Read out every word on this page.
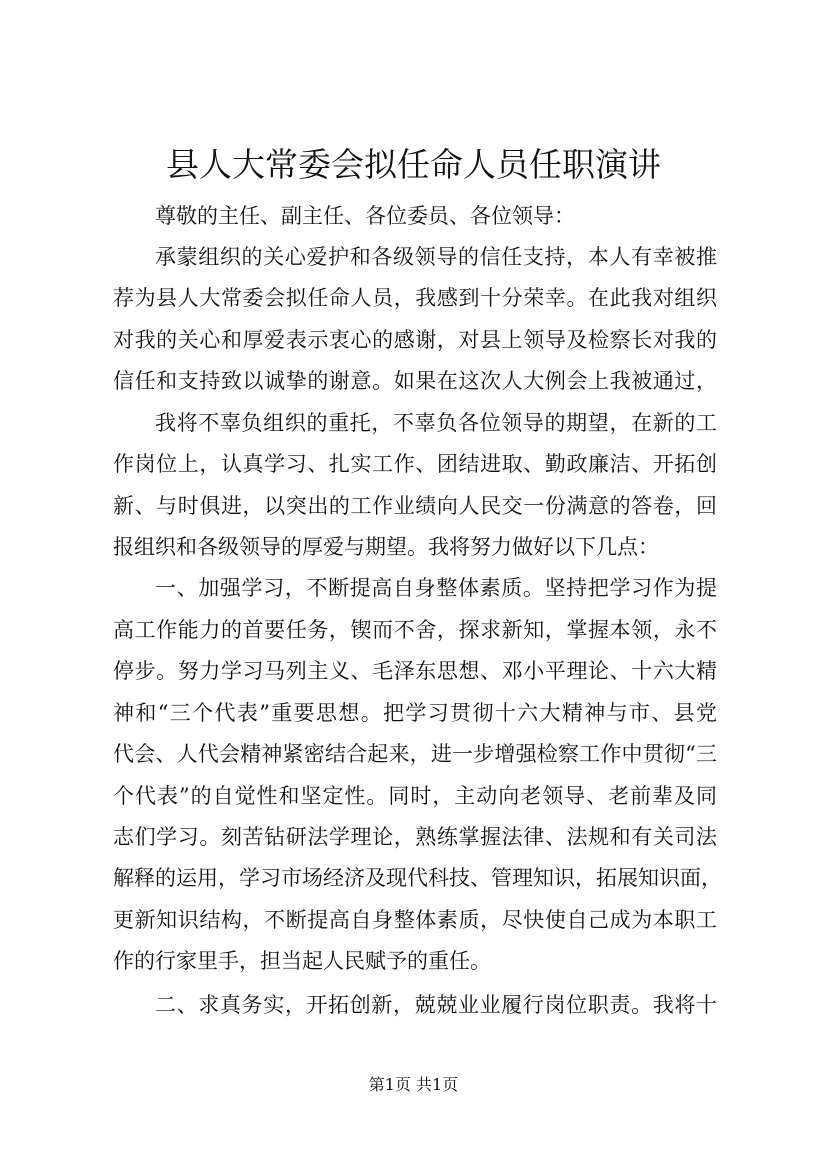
县人大常委会拟任命人员任职演讲

尊敬的主任、副主任、各位委员、各位领导：

承蒙组织的关心爱护和各级领导的信任支持，本人有幸被推

荐为县人大常委会拟任命人员，我感到十分荣幸。在此我对组织

对我的关心和厚爱表示衷心的感谢，对县上领导及检察长对我的

信任和支持致以诚挚的谢意。如果在这次人大例会上我被通过，

我将不辜负组织的重托，不辜负各位领导的期望，在新的工

作岗位上，认真学习、扎实工作、团结进取、勤政廉洁、开拓创

新、与时俱进，以突出的工作业绩向人民交一份满意的答卷，回

报组织和各级领导的厚爱与期望。我将努力做好以下几点：

一、加强学习，不断提高自身整体素质。坚持把学习作为提

高工作能力的首要任务，锲而不舍，探求新知，掌握本领，永不

停步。努力学习马列主义、毛泽东思想、邓小平理论、十六大精

神和“三个代表”重要思想。把学习贯彻十六大精神与市、县党

代会、人代会精神紧密结合起来，进一步增强检察工作中贯彻“三

个代表”的自觉性和坚定性。同时，主动向老领导、老前辈及同

志们学习。刻苦钻研法学理论，熟练掌握法律、法规和有关司法

解释的运用，学习市场经济及现代科技、管理知识，拓展知识面，

更新知识结构，不断提高自身整体素质，尽快使自己成为本职工

作的行家里手，担当起人民赋予的重任。

二、求真务实，开拓创新，兢兢业业履行岗位职责。我将十

第1页 共1页
